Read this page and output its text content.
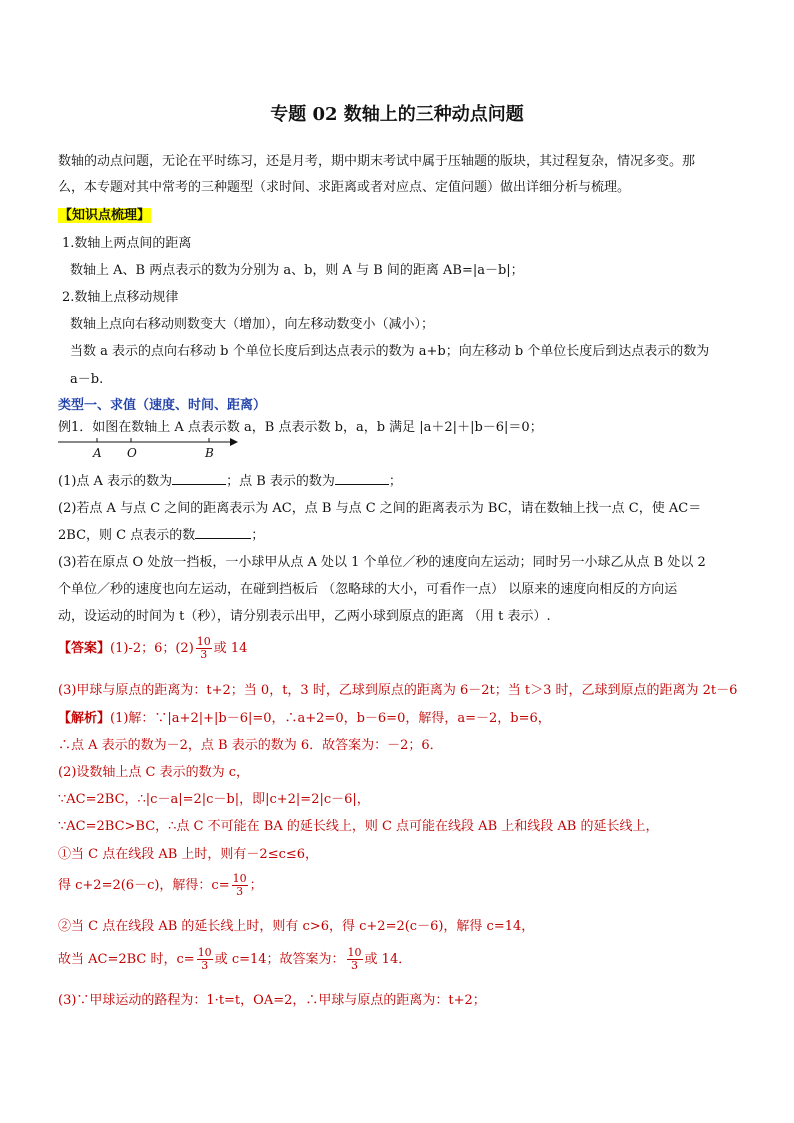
专题 02 数轴上的三种动点问题
数轴的动点问题，无论在平时练习，还是月考，期中期末考试中属于压轴题的版块，其过程复杂，情况多变。那
么，本专题对其中常考的三种题型（求时间、求距离或者对应点、定值问题）做出详细分析与梳理。
【知识点梳理】
1.数轴上两点间的距离
数轴上 A、B 两点表示的数为分别为 a、b，则 A 与 B 间的距离 AB=|a－b|；
2.数轴上点移动规律
数轴上点向右移动则数变大（增加），向左移动数变小（减小）；
当数 a 表示的点向右移动 b 个单位长度后到达点表示的数为 a+b；向左移动 b 个单位长度后到达点表示的数为
a－b.
类型一、求值（速度、时间、距离）
例1．如图在数轴上 A 点表示数 a，B 点表示数 b，a，b 满足 |a＋2|＋|b－6|＝0；
A O	B
(1)点 A 表示的数为	；点 B 表示的数为	；
(2)若点 A 与点 C 之间的距离表示为 AC，点 B 与点 C 之间的距离表示为 BC，请在数轴上找一点 C，使 AC＝
2BC，则 C 点表示的数	；
(3)若在原点 O 处放一挡板，一小球甲从点 A 处以 1 个单位／秒的速度向左运动；同时另一小球乙从点 B 处以 2
个单位／秒的速度也向左运动，在碰到挡板后 （忽略球的大小，可看作一点） 以原来的速度向相反的方向运
动，设运动的时间为 t（秒），请分别表示出甲，乙两小球到原点的距离 （用 t 表示）.
【答案】(1)-2；6；$(2) \frac{10}{3}$ 或 14
(3)甲球与原点的距离为：t+2；当 0，t，3 时，乙球到原点的距离为 6－2t；当 t＞3 时，乙球到原点的距离为 2t－6
【解析】(1)解：∵|a+2|+|b－6|=0，∴a+2=0，b－6=0，解得，a=－2，b=6，
∴点 A 表示的数为－2，点 B 表示的数为 6．故答案为：－2；6．
(2)设数轴上点 C 表示的数为 c，
∵AC=2BC，∴|c－a|=2|c－b|，即|c+2|=2|c－6|，
∵AC=2BC>BC，∴点 C 不可能在 BA 的延长线上，则 C 点可能在线段 AB 上和线段 AB 的延长线上，
①当 C 点在线段 AB 上时，则有－2≤c≤6，
得 c+2=2(6－c)，解得：$c= \frac{10}{3}$ ；
②当 C 点在线段 AB 的延长线上时，则有 c>6，得 c+2=2(c－6)，解得 c=14，
故当 AC=2BC 时，$c= \frac{10}{3}$ 或 c=14；故答案为： $\frac{10}{3}$ 或 14．
(3)∵甲球运动的路程为：1·t=t，OA=2，∴甲球与原点的距离为：t+2；
